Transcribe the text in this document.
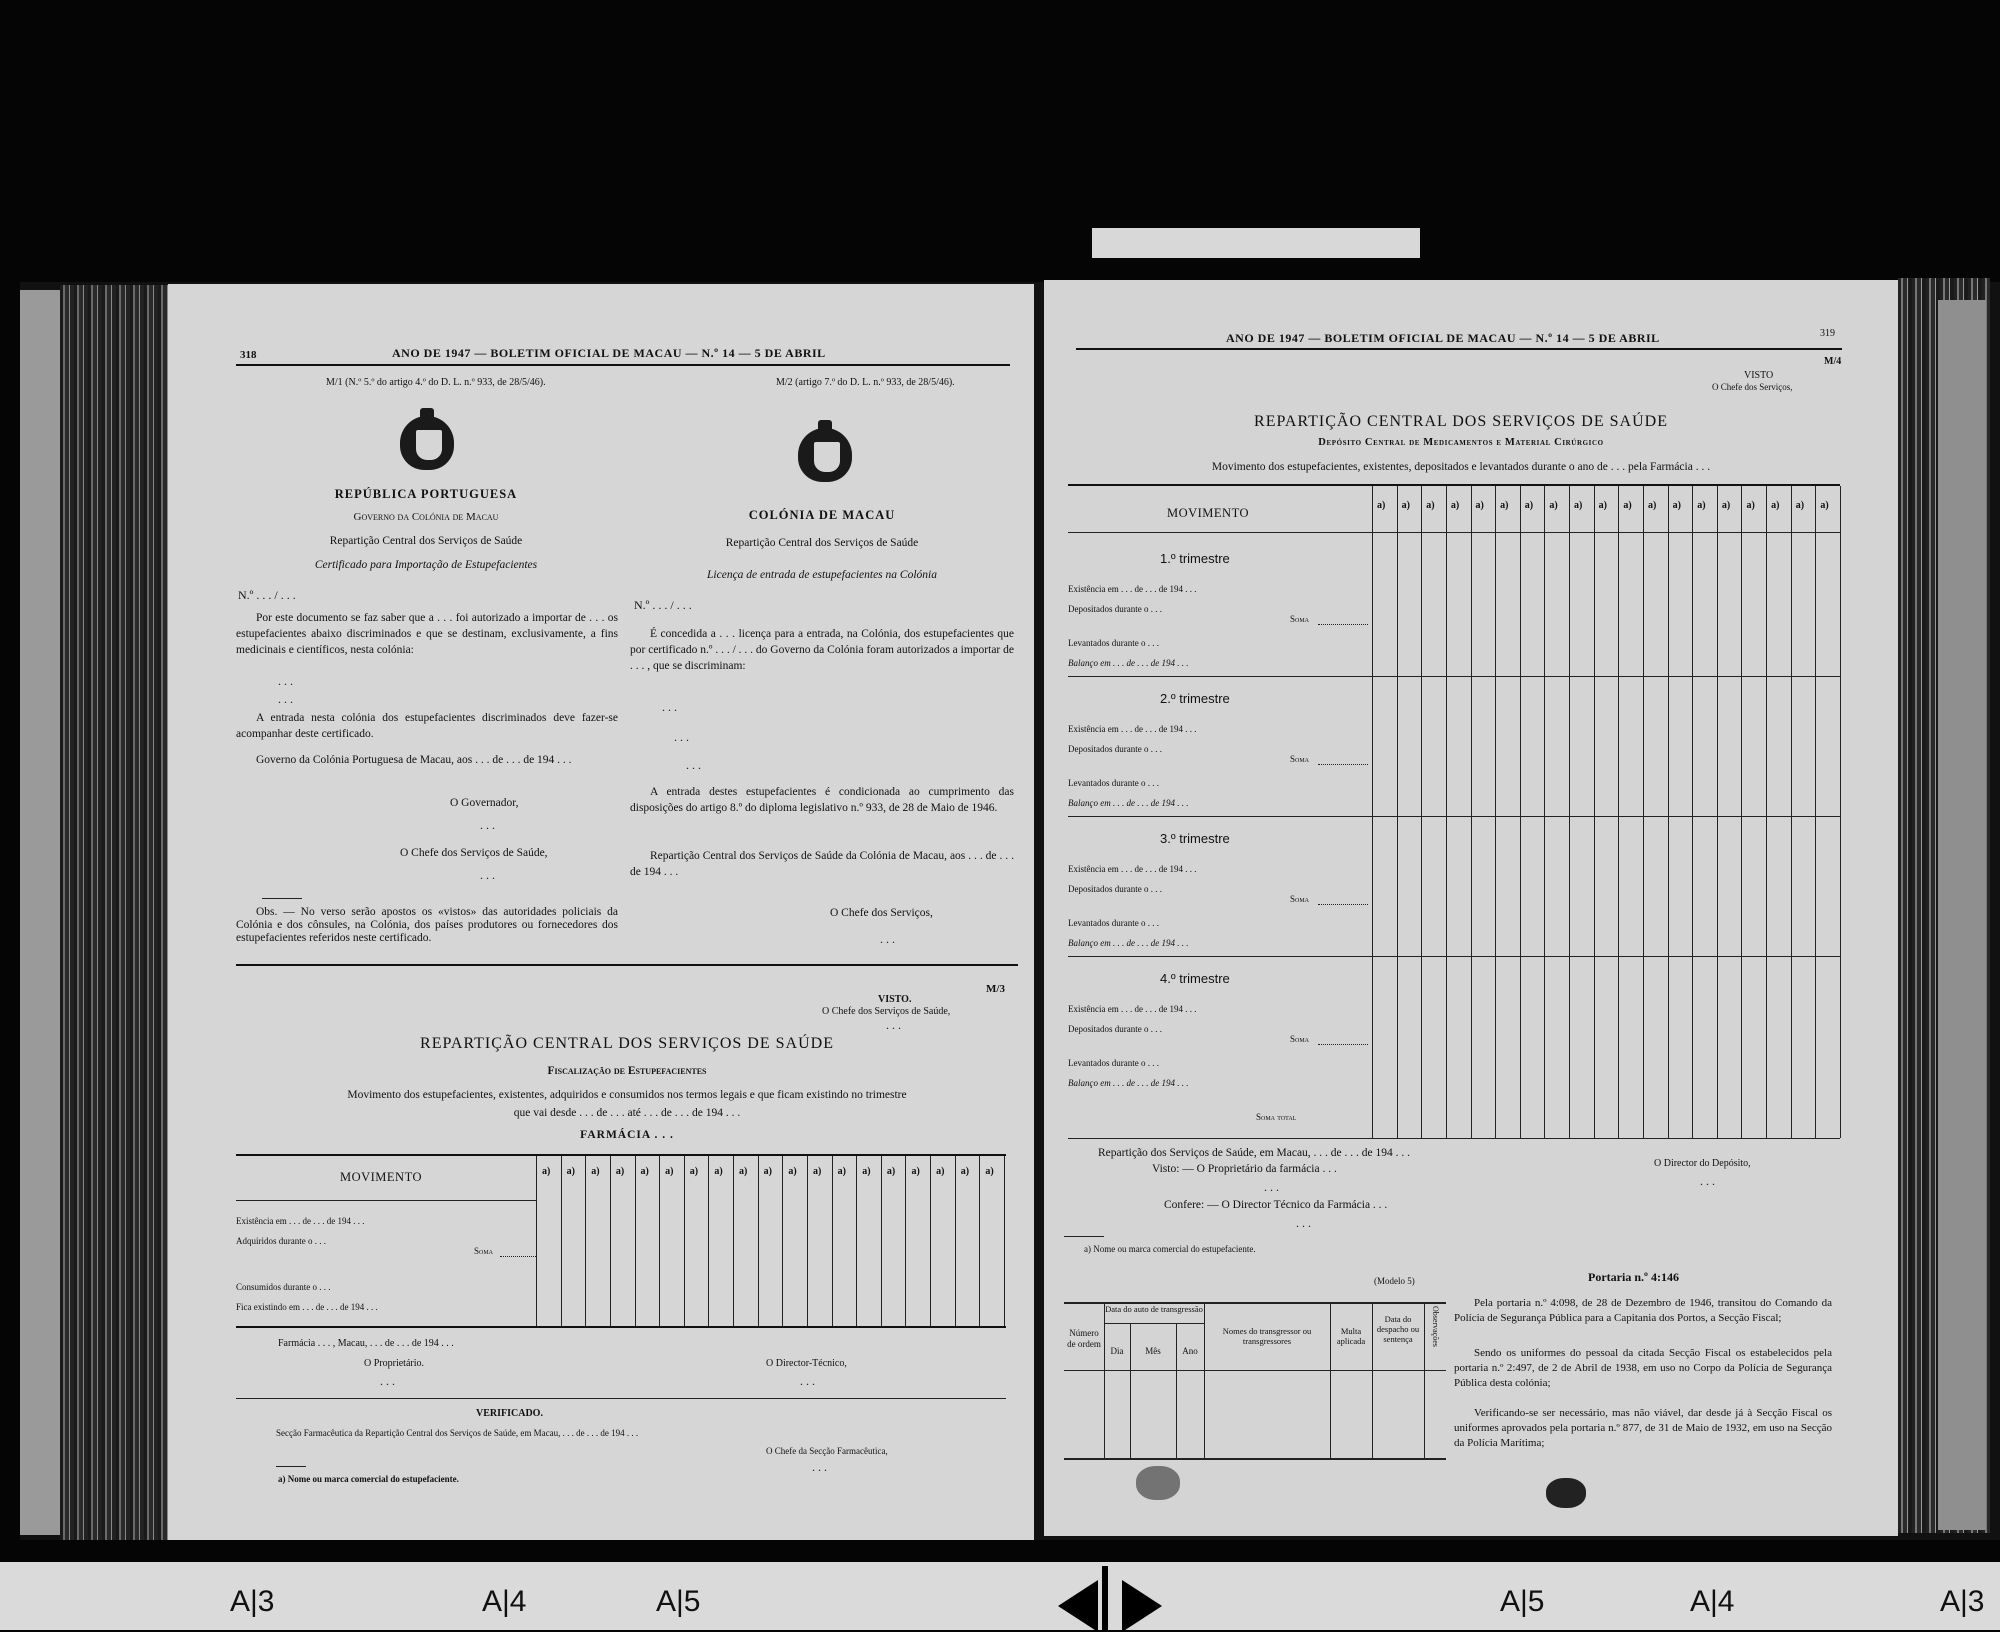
318	ANO DE 1947 — BOLETIM OFICIAL DE MACAU — N.º 14 — 5 DE ABRIL
M/1 (N.º 5.º do artigo 4.º do D. L. n.º 933, de 28/5/46).
REPÚBLICA PORTUGUESA
Governo da Colónia de Macau
Repartição Central dos Serviços de Saúde
Certificado para Importação de Estupefacientes
N.º . . . / . . .
Por este documento se faz saber que a . . . foi autorizado a importar de . . . os estupefacientes abaixo discriminados e que se destinam, exclusivamente, a fins medicinais e científicos, nesta colónia:
. . .
. . .
A entrada nesta colónia dos estupefacientes discriminados deve fazer-se acompanhar deste certificado.
Governo da Colónia Portuguesa de Macau, aos . . . de . . . de 194 . . .
O Governador,
. . .
O Chefe dos Serviços de Saúde,
. . .
Obs. — No verso serão apostos os «vistos» das autoridades policiais da Colónia e dos cônsules, na Colónia, dos países produtores ou fornecedores dos estupefacientes referidos neste certificado.
M/2 (artigo 7.º do D. L. n.º 933, de 28/5/46).
COLÓNIA DE MACAU
Repartição Central dos Serviços de Saúde
Licença de entrada de estupefacientes na Colónia
N.º . . . / . . .
É concedida a . . . licença para a entrada, na Colónia, dos estupefacientes que por certificado n.º . . . / . . . do Governo da Colónia foram autorizados a importar de . . . , que se discriminam:
. . .
. . .
. . .
A entrada destes estupefacientes é condicionada ao cumprimento das disposições do artigo 8.º do diploma legislativo n.º 933, de 28 de Maio de 1946.
Repartição Central dos Serviços de Saúde da Colónia de Macau, aos . . . de . . . de 194 . . .
O Chefe dos Serviços,
. . .
M/3
VISTO.
O Chefe dos Serviços de Saúde,
. . .
REPARTIÇÃO CENTRAL DOS SERVIÇOS DE SAÚDE
Fiscalização de Estupefacientes
Movimento dos estupefacientes, existentes, adquiridos e consumidos nos termos legais e que ficam existindo no trimestre
que vai desde . . . de . . . até . . . de . . . de 194 . . .
FARMÁCIA . . .
MOVIMENTO	a) a) a) a) a) a) a) a) a) a) a) a) a) a) a) a) a) a) a)
Existência em . . . de . . . de 194 . . .
Adquiridos durante o . . .
Soma
Consumidos durante o . . .
Fica existindo em . . . de . . . de 194 . . .
Farmácia . . . , Macau, . . . de . . . de 194 . . .
O Proprietário.	O Director-Técnico,
. . .	. . .
VERIFICADO.
Secção Farmacêutica da Repartição Central dos Serviços de Saúde, em Macau, . . . de . . . de 194 . . .
O Chefe da Secção Farmacêutica,
. . .
a) Nome ou marca comercial do estupefaciente.
ANO DE 1947 — BOLETIM OFICIAL DE MACAU — N.º 14 — 5 DE ABRIL	319
M/4
VISTO
O Chefe dos Serviços,
REPARTIÇÃO CENTRAL DOS SERVIÇOS DE SAÚDE
Depósito Central de Medicamentos e Material Cirúrgico
Movimento dos estupefacientes, existentes, depositados e levantados durante o ano de . . . pela Farmácia . . .
MOVIMENTO
a) a) a) a) a) a) a) a) a) a) a) a) a) a) a) a) a) a) a)
1.º trimestre
Existência em . . . de . . . de 194 . . .
Depositados durante o . . .
Levantados durante o . . .
Balanço em . . . de . . . de 194 . . .
Soma
2.º trimestre
Existência em . . . de . . . de 194 . . .
Depositados durante o . . .
Levantados durante o . . .
Balanço em . . . de . . . de 194 . . .
Soma
3.º trimestre
Existência em . . . de . . . de 194 . . .
Depositados durante o . . .
Levantados durante o . . .
Balanço em . . . de . . . de 194 . . .
Soma
4.º trimestre
Existência em . . . de . . . de 194 . . .
Depositados durante o . . .
Levantados durante o . . .
Balanço em . . . de . . . de 194 . . .
Soma
Soma total
Repartição dos Serviços de Saúde, em Macau, . . . de . . . de 194 . . .
Visto: — O Proprietário da farmácia . . .	O Director do Depósito,
. . .	. . .
Confere: — O Director Técnico da Farmácia . . .
. . .
a) Nome ou marca comercial do estupefaciente.
(Modelo 5)
Número de ordem
Data do auto de transgressão
Dia	Mês	Ano
Nomes do transgressor ou transgressores
Multa aplicada
Data do despacho ou sentença	Observações
Portaria n.º 4:146
Pela portaria n.º 4:098, de 28 de Dezembro de 1946, transitou do Comando da Polícia de Segurança Pública para a Capitania dos Portos, a Secção Fiscal;
Sendo os uniformes do pessoal da citada Secção Fiscal os estabelecidos pela portaria n.º 2:497, de 2 de Abril de 1938, em uso no Corpo da Polícia de Segurança Pública desta colónia;
Verificando-se ser necessário, mas não viável, dar desde já à Secção Fiscal os uniformes aprovados pela portaria n.º 877, de 31 de Maio de 1932, em uso na Secção da Polícia Marítima;
A|3	A|4	A|5	A|5	A|4	A|3
